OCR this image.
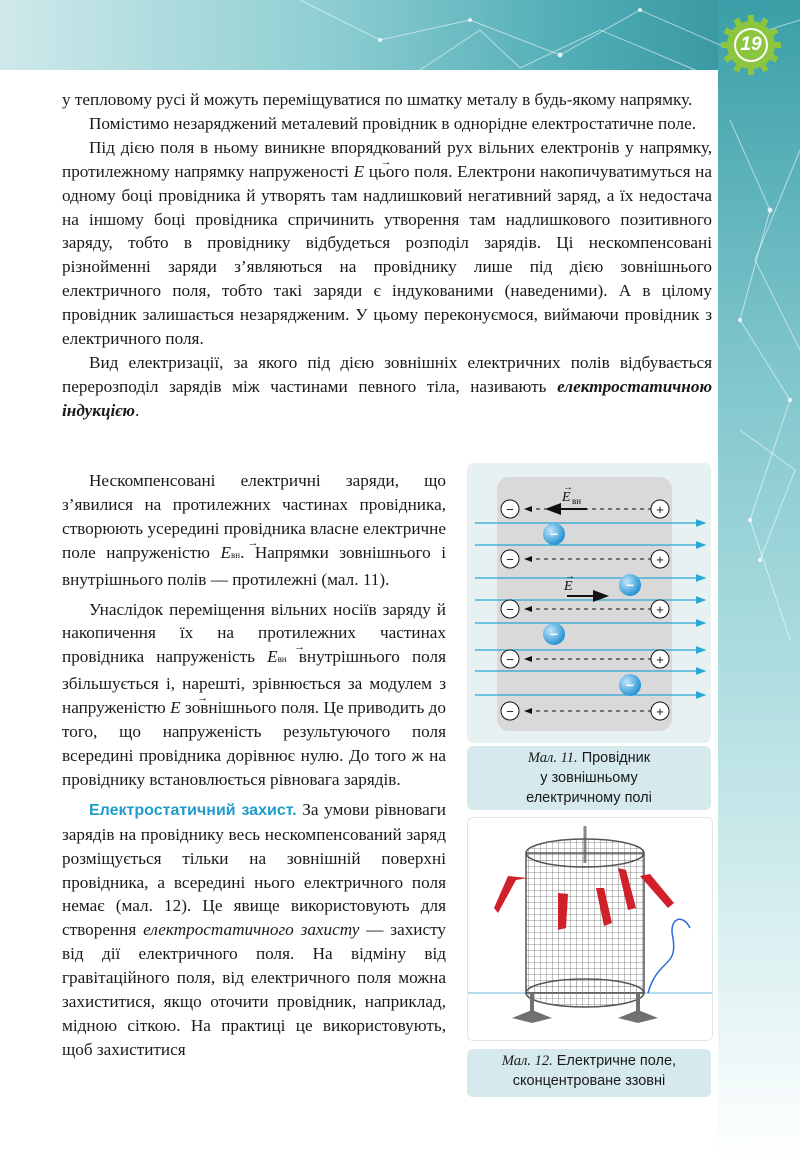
19

у тепловому русі й можуть переміщуватися по шматку металу в будь-якому напрямку.

Помістимо незаряджений металевий провідник в однорідне електростатичне поле.

Під дією поля в ньому виникне впорядкований рух вільних електронів у напрямку, протилежному напрямку напруженості → E цього поля. Електрони накопичуватимуться на одному боці провідника й утворять там надлишковий негативний заряд, а їх недостача на іншому боці провідника спричинить утворення там надлишкового позитивного заряду, тобто в провіднику відбудеться розподіл зарядів. Ці нескомпенсовані різнойменні заряди з’являються на провіднику лише під дією зовнішнього електричного поля, тобто такі заряди є індукованими (наведеними). А в цілому провідник залишається незарядженим. У цьому переконуємося, виймаючи провідник з електричного поля.

Вид електризації, за якого під дією зовнішніх електричних полів відбувається перерозподіл зарядів між частинами певного тіла, називають електростатичною індукцією.

Нескомпенсовані електричні заряди, що з’явилися на протилежних частинах провідника, створюють усередині провідника власне електричне поле напруженістю → Eвн. Напрямки зовнішнього і внутрішнього полів — протилежні (мал. 11).

Унаслідок переміщення вільних носіїв заряду й накопичення їх на протилежних частинах провідника напруженість → Eвн внутрішнього поля збільшується і, нарешті, зрівнюється за модулем з напруженістю → E зовнішнього поля. Це приводить до того, що напруженість результуючого поля всередині провідника дорівнює нулю. До того ж на провіднику встановлюється рівновага зарядів.

Електростатичний захист. За умови рівноваги зарядів на провіднику весь нескомпенсований заряд розміщується тільки на зовнішній поверхні провідника, а всередині нього електричного поля немає (мал. 12). Це явище використовують для створення електростатичного захисту — захисту від дії електричного поля. На відміну від гравітаційного поля, від електричного поля можна захиститися, якщо оточити провідник, наприклад, мідною сіткою. На практиці це використовують, щоб захиститися

−
−
−
−
−
+
+
+
+
+
−
−
−
−
E вн
E
→
→
Мал. 11. Провідник
у зовнішньому
електричному полі
Мал. 12. Електричне поле,
сконцентроване ззовні
